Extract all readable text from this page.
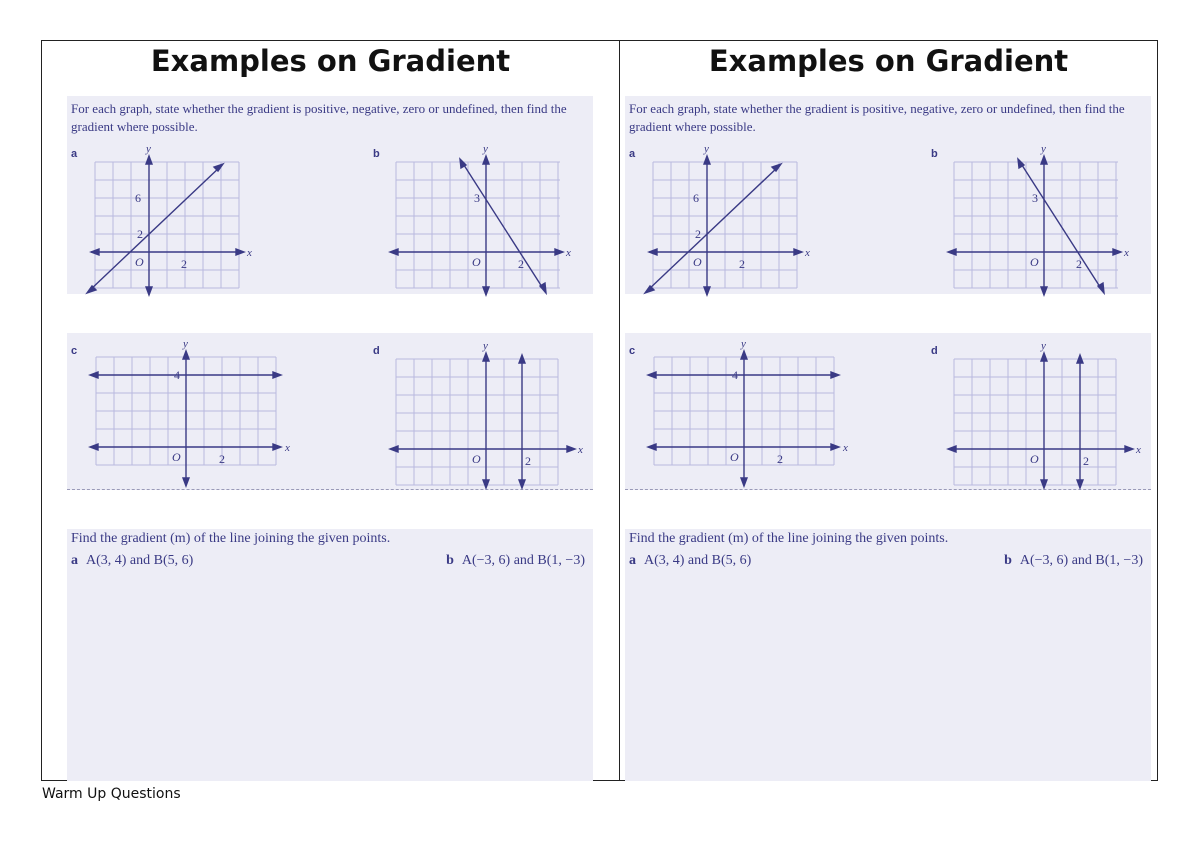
Examples on Gradient
For each graph, state whether the gradient is positive, negative, zero or undefined, then find the
gradient where possible.
a	y
x
O
6
2
2
b	y
x
O
3
2
c
y
x
O
4
2
d	y
x
O	2
Find the gradient (m) of the line joining the given points.
a A(3, 4) and B(5, 6)	b A(−3, 6) and B(1, −3)
Examples on Gradient
For each graph, state whether the gradient is positive, negative, zero or undefined, then find the
gradient where possible.
a	y
x
O
6
2
2
b	y
x
O
3
2
c
y
x
O
4
2
d	y
x
O	2
Find the gradient (m) of the line joining the given points.
a A(3, 4) and B(5, 6)	b A(−3, 6) and B(1, −3)
Warm Up Questions
